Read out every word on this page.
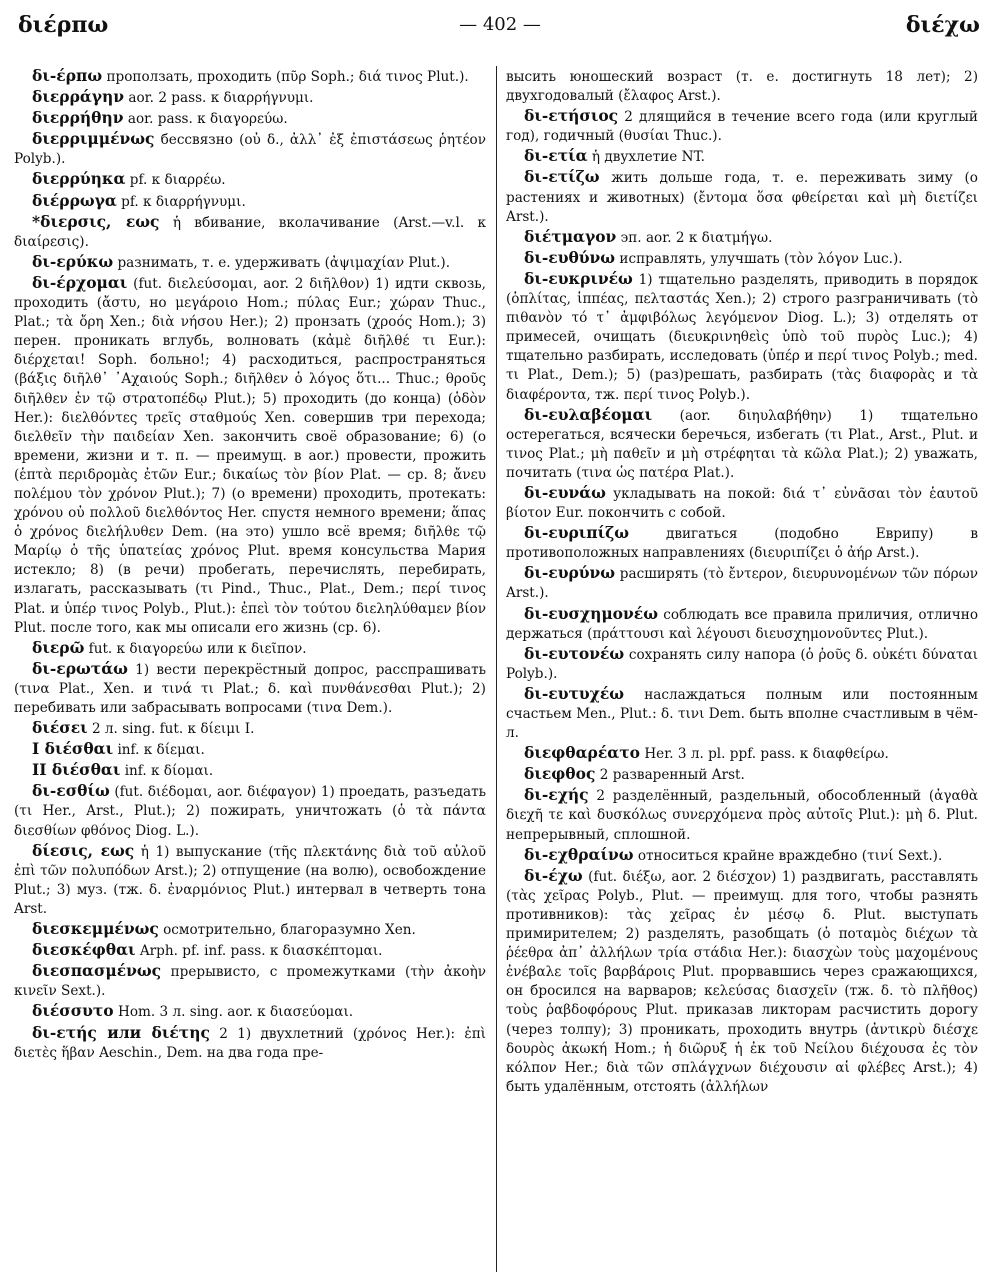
διέρπω	— 402 —	διέχω
δι-έρπω проползать, проходить (πῦρ Soph.; διά τινος Plut.).
διερράγην aor. 2 pass. к διαρρήγνυμι.
διερρήθην aor. pass. к διαγορεύω.
διερριμμένως бессвязно (οὐ δ., ἀλλ᾽ ἐξ ἐπιστάσεως ῥητέον Polyb.).
διερρύηκα pf. к διαρρέω.
διέρρωγα pf. к διαρρήγνυμι.
*διερσις, εως ἡ вбивание, вколачивание (Arst.—v.l. к διαίρεσις).
δι-ερύκω разнимать, т. е. удерживать (ἀψιμαχίαν Plut.).
δι-έρχομαι (fut. διελεύσομαι, aor. 2 διῆλθον) 1) идти сквозь, проходить (ἄστυ, но μεγάροιο Hom.; πύλας Eur.; χώραν Thuc., Plat.; τὰ ὄρη Xen.; διὰ νήσου Her.); 2) пронзать (χροός Hom.); 3) перен. проникать вглубь, волновать (κἀμὲ διῆλθέ τι Eur.): διέρχεται! Soph. больно!; 4) расходиться, распространяться (βάξις διῆλθ᾽ ᾿Αχαιούς Soph.; διῆλθεν ὁ λόγος ὅτι... Thuc.; θροῦς διῆλθεν ἐν τῷ στρατοπέδῳ Plut.); 5) проходить (до конца) (ὁδὸν Her.): διελθόντες τρεῖς σταθμούς Xen. совершив три перехода; διελθεῖν τὴν παιδείαν Xen. закончить своё образование; 6) (о времени, жизни и т. п. — преимущ. в aor.) провести, прожить (ἑπτὰ περιδρομὰς ἐτῶν Eur.; δικαίως τὸν βίον Plat. — ср. 8; ἄνευ πολέμου τὸν χρόνον Plut.); 7) (о времени) проходить, протекать: χρόνου οὐ πολλοῦ διελθόντος Her. спустя немного времени; ἅπας ὁ χρόνος διελήλυθεν Dem. (на это) ушло всё время; διῆλθε τῷ Μαρίῳ ὁ τῆς ὑπατείας χρόνος Plut. время консульства Мария истекло; 8) (в речи) пробегать, перечислять, перебирать, излагать, рассказывать (τι Pind., Thuc., Plat., Dem.; περί τινος Plat. и ὑπέρ τινος Polyb., Plut.): ἐπεὶ τὸν τούτου διεληλύθαμεν βίον Plut. после того, как мы описали его жизнь (ср. 6).
διερῶ fut. к διαγορεύω или к διεῖπον.
δι-ερωτάω 1) вести перекрёстный допрос, расспрашивать (τινα Plat., Xen. и τινά τι Plat.; δ. καὶ πυνθάνεσθαι Plut.); 2) перебивать или забрасывать вопросами (τινα Dem.).
διέσει 2 л. sing. fut. к δίειμι I.
I διέσθαι inf. к δίεμαι.
II διέσθαι inf. к δίομαι.
δι-εσθίω (fut. διέδομαι, aor. διέφαγον) 1) проедать, разъедать (τι Her., Arst., Plut.); 2) пожирать, уничтожать (ὁ τὰ πάντα διεσθίων φθόνος Diog. L.).
δίεσις, εως ἡ 1) выпускание (τῆς πλεκτάνης διὰ τοῦ αὐλοῦ ἐπὶ τῶν πολυπόδων Arst.); 2) отпущение (на волю), освобождение Plut.; 3) муз. (тж. δ. ἐναρμόνιος Plut.) интервал в четверть тона Arst.
διεσκεμμένως осмотрительно, благоразумно Xen.
διεσκέφθαι Arph. pf. inf. pass. к διασκέπτομαι.
διεσπασμένως прерывисто, с промежутками (τὴν ἀκοὴν κινεῖν Sext.).
διέσσυτο Hom. 3 л. sing. aor. к διασεύομαι.
δι-ετής или διέτης 2 1) двухлетний (χρόνος Her.): ἐπὶ διετὲς ἥβαν Aeschin., Dem. на два года пре-
высить юношеский возраст (т. е. достигнуть 18 лет); 2) двухгодовалый (ἔλαφος Arst.).
δι-ετήσιος 2 длящийся в течение всего года (или круглый год), годичный (θυσίαι Thuc.).
δι-ετία ἡ двухлетие NT.
δι-ετίζω жить дольше года, т. е. переживать зиму (о растениях и животных) (ἔντομα ὅσα φθείρεται καὶ μὴ διετίζει Arst.).
διέτμαγον эп. aor. 2 к διατμήγω.
δι-ευθύνω исправлять, улучшать (τὸν λόγον Luc.).
δι-ευκρινέω 1) тщательно разделять, приводить в порядок (ὁπλίτας, ἱππέας, πελταστάς Xen.); 2) строго разграничивать (τὸ πιθανὸν τό τ᾽ ἀμφιβόλως λεγόμενον Diog. L.); 3) отделять от примесей, очищать (διευκρινηθεὶς ὑπὸ τοῦ πυρὸς Luc.); 4) тщательно разбирать, исследовать (ὑπέρ и περί τινος Polyb.; med. τι Plat., Dem.); 5) (раз)решать, разбирать (τὰς διαφορὰς и τὰ διαφέροντα, тж. περί τινος Polyb.).
δι-ευλαβέομαι (aor. διηυλαβήθην) 1) тщательно остерегаться, всячески беречься, избегать (τι Plat., Arst., Plut. и τινος Plat.; μὴ παθεῖν и μὴ στρέφηται τὰ κῶλα Plat.); 2) уважать, почитать (τινα ὡς πατέρα Plat.).
δι-ευνάω укладывать на покой: διά τ᾽ εὐνᾶσαι τὸν ἑαυτοῦ βίοτον Eur. покончить с собой.
δι-ευριπίζω	двигаться (подобно Еврипу) в противоположных направлениях (διευριπίζει ὁ ἀήρ Arst.).
δι-ευρύνω расширять (τὸ ἔντερον, διευρυνομένων τῶν πόρων Arst.).
δι-ευσχημονέω соблюдать все правила приличия, отлично держаться (πράττουσι καὶ λέγουσι διευσχημονοῦντες Plut.).
δι-ευτονέω сохранять силу напора (ὁ ῥοῦς δ. οὐκέτι δύναται Polyb.).
δι-ευτυχέω наслаждаться полным или постоянным счастьем Men., Plut.: δ. τινι Dem. быть вполне счастливым в чём-л.
διεφθαρέατο Her. 3 л. pl. ppf. pass. к διαφθείρω.
διεφθος 2 разваренный Arst.
δι-εχής 2 разделённый, раздельный, обособленный (ἀγαθὰ διεχῆ τε καὶ δυσκόλως συνερχόμενα πρὸς αὐτοῖς Plut.): μὴ δ. Plut. непрерывный, сплошной.
δι-εχθραίνω относиться крайне враждебно (τινί Sext.).
δι-έχω (fut. διέξω, aor. 2 διέσχον) 1) раздвигать, расставлять (τὰς χεῖρας Polyb., Plut. — преимущ. для того, чтобы разнять противников): τὰς χεῖρας ἐν μέσῳ δ. Plut. выступать примирителем; 2) разделять, разобщать (ὁ ποταμὸς διέχων τὰ ῥέεθρα ἀπ᾽ ἀλλήλων τρία στάδια Her.): διασχὼν τοὺς μαχομένους ἐνέβαλε τοῖς βαρβάροις Plut. прорвавшись через сражающихся, он бросился на варваров; κελεύσας διασχεῖν (тж. δ. τὸ πλῆθος) τοὺς ῥαβδοφόρους Plut. приказав ликторам расчистить дорогу (через толпу); 3) проникать, проходить внутрь (ἀντικρὺ διέσχε δουρὸς ἀκωκή Hom.; ἡ διῶρυξ ἡ ἐκ τοῦ Νείλου διέχουσα ἐς τὸν κόλπον Her.; διὰ τῶν σπλάγχνων διέχουσιν αἱ φλέβες Arst.); 4) быть удалённым, отстоять (ἀλλήλων
